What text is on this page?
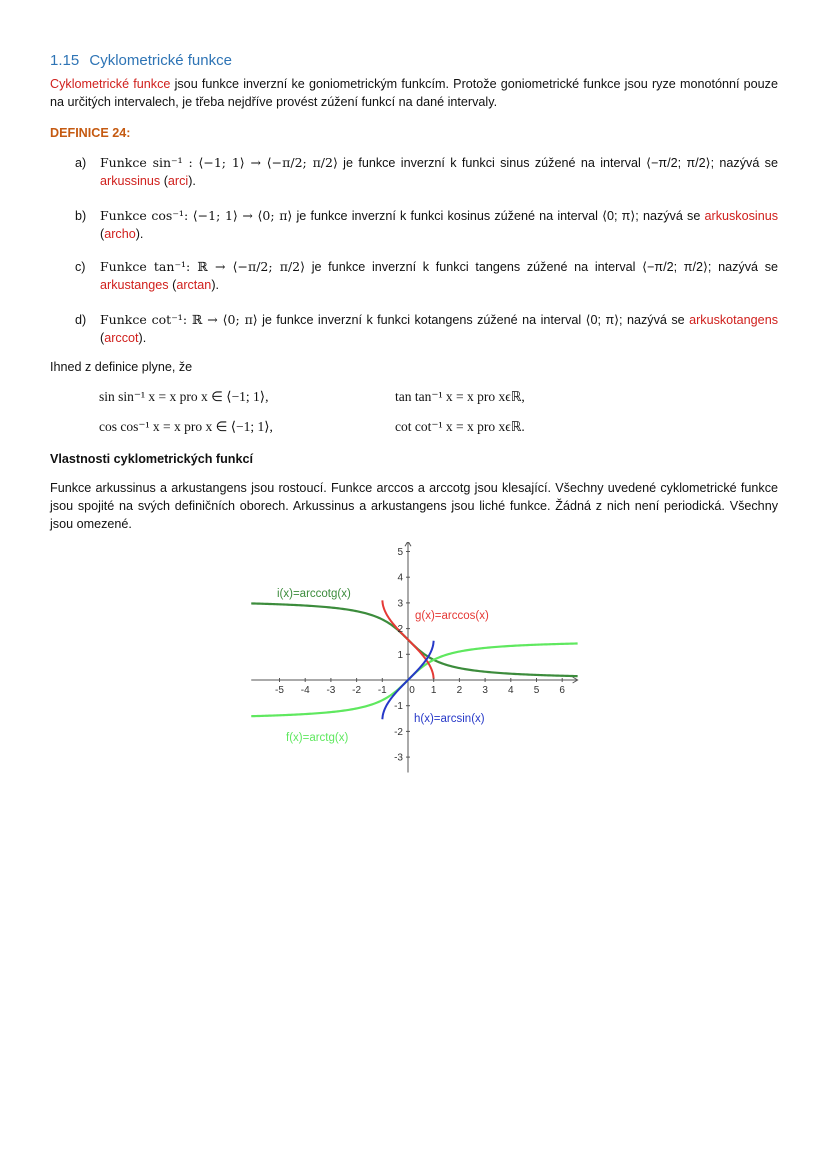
1.15 Cyklometrické funkce
Cyklometrické funkce jsou funkce inverzní ke goniometrickým funkcím. Protože goniometrické funkce jsou ryze monotónní pouze na určitých intervalech, je třeba nejdříve provést zúžení funkcí na dané intervaly.
DEFINICE 24:
a)	Funkce sin⁻¹ : ⟨−1; 1⟩ → ⟨−π/2; π/2⟩ je funkce inverzní k funkci sinus zúžené na interval ⟨−π/2; π/2⟩; nazývá se arkussinus (arci).
b)	Funkce cos⁻¹: ⟨−1; 1⟩ → ⟨0; π⟩ je funkce inverzní k funkci kosinus zúžené na interval ⟨0; π⟩; nazývá se arkuskosinus (archo).
c)	Funkce tan⁻¹: ℝ → ⟨−π/2; π/2⟩ je funkce inverzní k funkci tangens zúžené na interval ⟨−π/2; π/2⟩; nazývá se arkustanges (arctan).
d)	Funkce cot⁻¹: ℝ → ⟨0; π⟩ je funkce inverzní k funkci kotangens zúžené na interval ⟨0; π⟩; nazývá se arkuskotangens (arccot).
Ihned z definice plyne, že
sin sin⁻¹ x = x pro x ∈ ⟨−1; 1⟩,	tan tan⁻¹ x = x pro xϵℝ,
cos cos⁻¹ x = x pro x ∈ ⟨−1; 1⟩,	cot cot⁻¹ x = x pro xϵℝ.
Vlastnosti cyklometrických funkcí
Funkce arkussinus a arkustangens jsou rostoucí. Funkce arccos a arccotg jsou klesající. Všechny uvedené cyklometrické funkce jsou spojité na svých definičních oborech. Arkussinus a arkustangens jsou liché funkce. Žádná z nich není periodická. Všechny jsou omezené.
-5 -4 -3 -2 -1 0 1 2 3 4 5 6
5
4
3
1
-1
-2
-3
2
i(x)=arccotg(x)
g(x)=arccos(x)
h(x)=arcsin(x)
f(x)=arctg(x)
